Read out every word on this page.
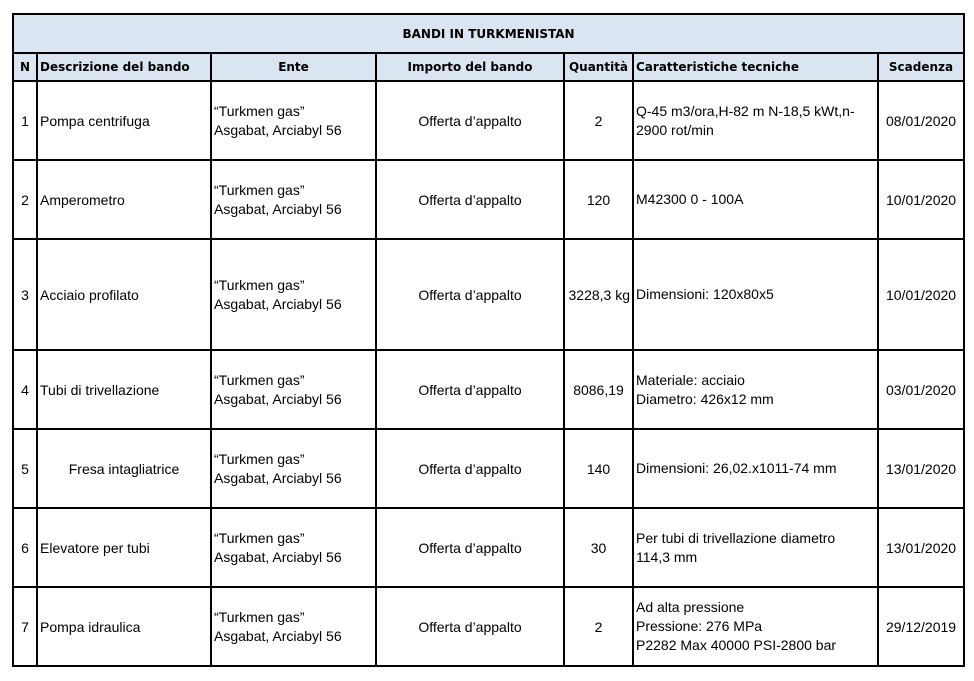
BANDI IN TURKMENISTAN						
N	Descrizione del bando	Ente	Importo del bando	Quantità	Caratteristiche tecniche	Scadenza
1	Pompa centrifuga	“Turkmen gas”
Asgabat, Arciabyl 56	Offerta d’appalto	2	Q-45 m3/ora,H-82 m N-18,5 kWt,n-
2900 rot/min	08/01/2020
2	Amperometro	“Turkmen gas”
Asgabat, Arciabyl 56	Offerta d’appalto	120	M42300 0 - 100A	10/01/2020
3	Acciaio profilato	“Turkmen gas”
Asgabat, Arciabyl 56	Offerta d’appalto	3228,3 kg	Dimensioni: 120x80x5	10/01/2020
4	Tubi di trivellazione	“Turkmen gas”
Asgabat, Arciabyl 56	Offerta d’appalto	8086,19	Materiale: acciaio
Diametro: 426x12 mm	03/01/2020
5	Fresa intagliatrice	“Turkmen gas”
Asgabat, Arciabyl 56	Offerta d’appalto	140	Dimensioni: 26,02.x1011-74 mm	13/01/2020
6	Elevatore per tubi	“Turkmen gas”
Asgabat, Arciabyl 56	Offerta d’appalto	30	Per tubi di trivellazione diametro
114,3 mm	13/01/2020
7	Pompa idraulica	“Turkmen gas”
Asgabat, Arciabyl 56	Offerta d’appalto	2	Ad alta pressione
Pressione: 276 MPa
P2282 Max 40000 PSI-2800 bar	29/12/2019
